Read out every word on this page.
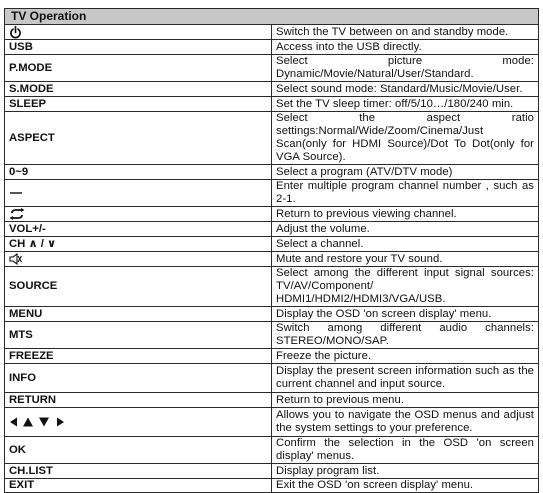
TV Operation	

	Switch the TV between on and standby mode.
USB	Access into the USB directly.
P.MODE	Select picture mode: Dynamic/Movie/Natural/User/Standard.
S.MODE	Select sound mode: Standard/Music/Movie/User.
SLEEP	Set the TV sleep timer: off/5/10…/180/240 min.
ASPECT	Select the aspect ratio settings:Normal/Wide/Zoom/Cinema/Just Scan(only for HDMI Source)/Dot To Dot(only for VGA Source).
0~9	Select a program (ATV/DTV mode)

	Enter multiple program channel number , such as 2-1.

	Return to previous viewing channel.
VOL+/-	Adjust the volume.
CH ∧ / ∨	Select a channel.

	Mute and restore your TV sound.
SOURCE	Select among the different input signal sources: TV/AV/Component/ HDMI1/HDMI2/HDMI3/VGA/USB.
MENU	Display the OSD 'on screen display' menu.
MTS	Switch among different audio channels: STEREO/MONO/SAP.
FREEZE	Freeze the picture.
INFO	Display the present screen information such as the current channel and input source.
RETURN	Return to previous menu.

	Allows you to navigate the OSD menus and adjust the system settings to your preference.
OK	Confirm the selection in the OSD 'on screen display' menus.
CH.LIST	Display program list.
EXIT	Exit the OSD 'on screen display' menu.
